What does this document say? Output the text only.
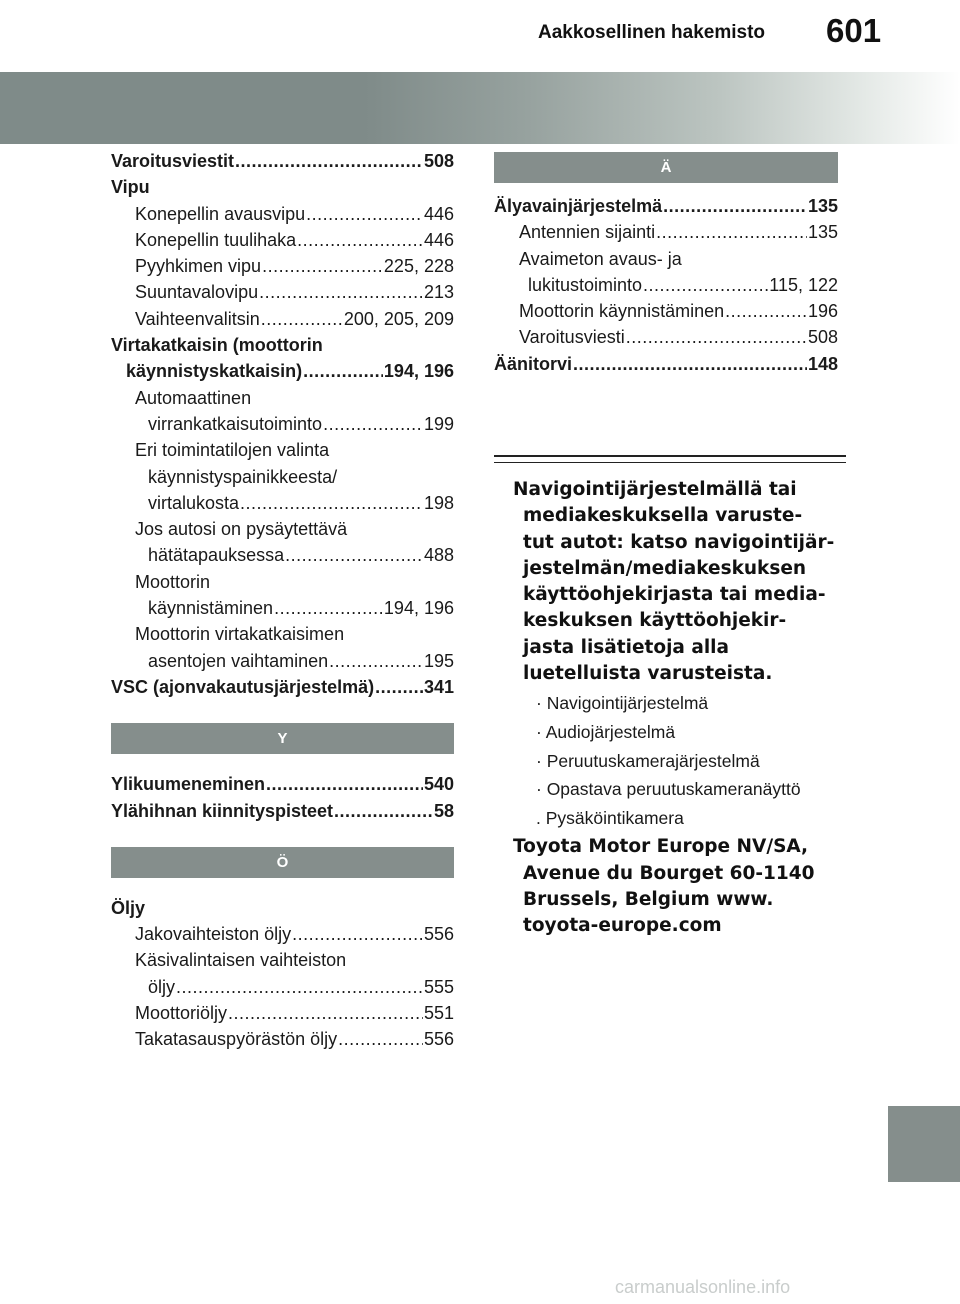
Aakkosellinen hakemisto 601
Varoitusviestit .....	508
Vipu
Konepellin avausvipu .....	446
Konepellin tuulihaka .....	446
Pyyhkimen vipu .....	225, 228
Suuntavalovipu .....	213
Vaihteenvalitsin .....	200, 205, 209
Virtakatkaisin (moottorin
käynnistyskatkaisin) .....	194, 196
Automaattinen
virrankatkaisutoiminto .....	199
Eri toimintatilojen valinta
käynnistyspainikkeesta/
virtalukosta .....	198
Jos autosi on pysäytettävä
hätätapauksessa .....	488
Moottorin
käynnistäminen .....	194, 196
Moottorin virtakatkaisimen
asentojen vaihtaminen .....	195
VSC (ajonvakautusjärjestelmä) .....	341
Y
Ylikuumeneminen .....	540
Ylähihnan kiinnityspisteet .....	58
Ö
Öljy
Jakovaihteiston öljy .....	556
Käsivalintaisen vaihteiston
öljy .....	555
Moottoriöljy .....	551
Takatasauspyörästön öljy .....	556
Ä
Älyavainjärjestelmä .....	135
Antennien sijainti .....	135
Avaimeton avaus- ja
lukitustoiminto .....	115, 122
Moottorin käynnistäminen .....	196
Varoitusviesti .....	508
Äänitorvi .....	148
Navigointijärjestelmällä tai
mediakeskuksella varuste-
tut autot: katso navigointijär-
jestelmän/mediakeskuksen
käyttöohjekirjasta tai media-
keskuksen käyttöohjekir-
jasta lisätietoja alla
luetelluista varusteista.
· Navigointijärjestelmä
· Audiojärjestelmä
· Peruutuskamerajärjestelmä
· Opastava peruutuskameranäyttö
. Pysäköintikamera
Toyota Motor Europe NV/SA,
Avenue du Bourget 60-1140
Brussels, Belgium www.
toyota-europe.com
carmanualsonline.info
